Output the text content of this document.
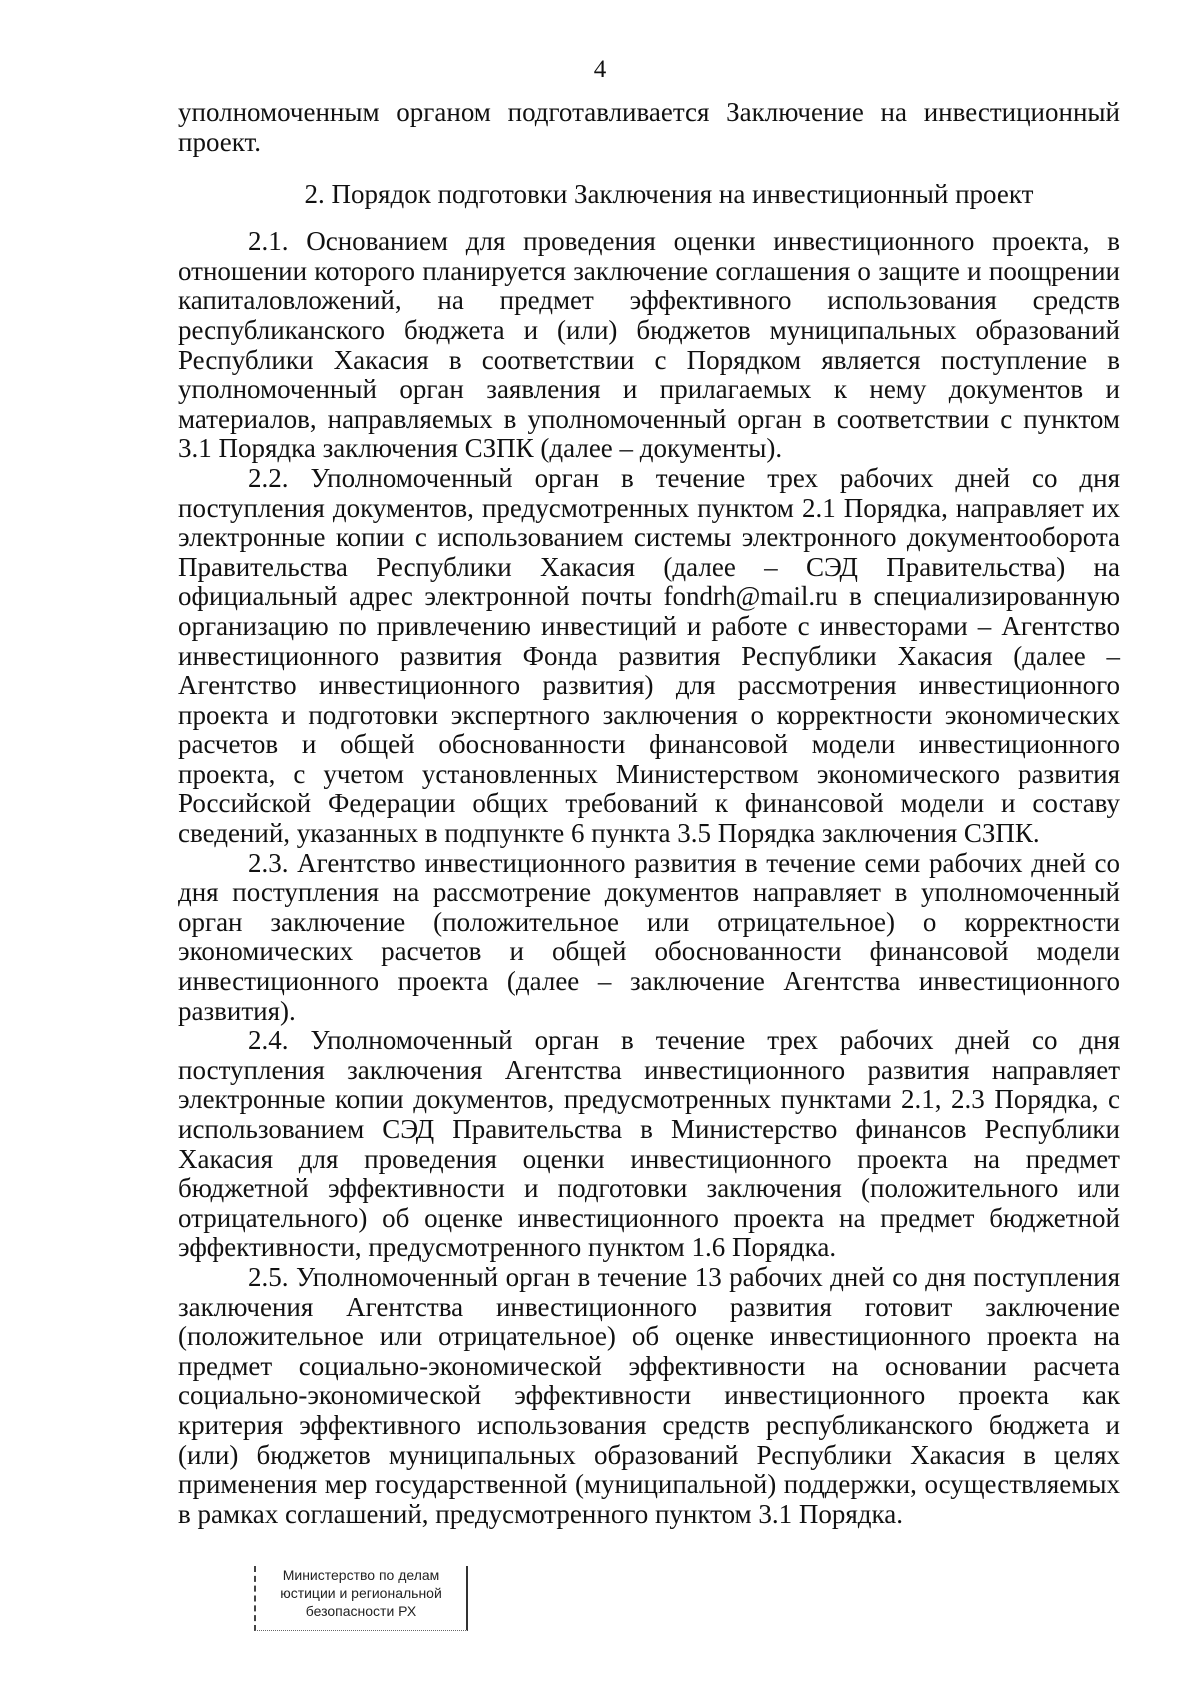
4

уполномоченным органом подготавливается Заключение на инвестиционный проект.

2. Порядок подготовки Заключения на инвестиционный проект

2.1. Основанием для проведения оценки инвестиционного проекта, в отношении которого планируется заключение соглашения о защите и поощрении капиталовложений, на предмет эффективного использования средств республиканского бюджета и (или) бюджетов муниципальных образований Республики Хакасия в соответствии с Порядком является поступление в уполномоченный орган заявления и прилагаемых к нему документов и материалов, направляемых в уполномоченный орган в соответствии с пунктом 3.1 Порядка заключения СЗПК (далее – документы).

2.2. Уполномоченный орган в течение трех рабочих дней со дня поступления документов, предусмотренных пунктом 2.1 Порядка, направляет их электронные копии с использованием системы электронного документооборота Правительства Республики Хакасия (далее – СЭД Правительства) на официальный адрес электронной почты fondrh@mail.ru в специализированную организацию по привлечению инвестиций и работе с инвесторами – Агентство инвестиционного развития Фонда развития Республики Хакасия (далее – Агентство инвестиционного развития) для рассмотрения инвестиционного проекта и подготовки экспертного заключения о корректности экономических расчетов и общей обоснованности финансовой модели инвестиционного проекта, с учетом установленных Министерством экономического развития Российской Федерации общих требований к финансовой модели и составу сведений, указанных в подпункте 6 пункта 3.5 Порядка заключения СЗПК.

2.3. Агентство инвестиционного развития в течение семи рабочих дней со дня поступления на рассмотрение документов направляет в уполномоченный орган заключение (положительное или отрицательное) о корректности экономических расчетов и общей обоснованности финансовой модели инвестиционного проекта (далее – заключение Агентства инвестиционного развития).

2.4. Уполномоченный орган в течение трех рабочих дней со дня поступления заключения Агентства инвестиционного развития направляет электронные копии документов, предусмотренных пунктами 2.1, 2.3 Порядка, с использованием СЭД Правительства в Министерство финансов Республики Хакасия для проведения оценки инвестиционного проекта на предмет бюджетной эффективности и подготовки заключения (положительного или отрицательного) об оценке инвестиционного проекта на предмет бюджетной эффективности, предусмотренного пунктом 1.6 Порядка.

2.5. Уполномоченный орган в течение 13 рабочих дней со дня поступления заключения Агентства инвестиционного развития готовит заключение (положительное или отрицательное) об оценке инвестиционного проекта на предмет социально-экономической эффективности на основании расчета социально-экономической эффективности инвестиционного проекта как критерия эффективного использования средств республиканского бюджета и (или) бюджетов муниципальных образований Республики Хакасия в целях применения мер государственной (муниципальной) поддержки, осуществляемых в рамках соглашений, предусмотренного пунктом 3.1 Порядка.

Министерство по делам
юстиции и региональной
безопасности РХ
